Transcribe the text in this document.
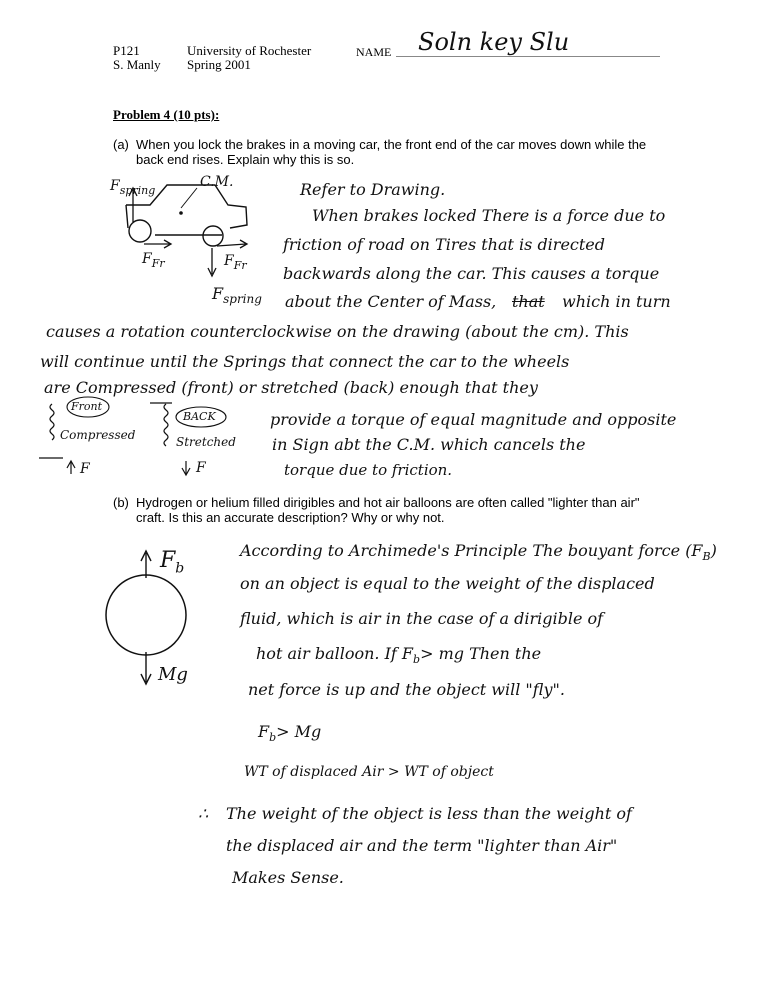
P121
S. Manly
University of Rochester
Spring 2001
NAME Soln key Slu
Problem 4 (10 pts):
(a) When you lock the brakes in a moving car, the front end of the car moves down while the
back end rises. Explain why this is so.
$F_{spring}$
C.M.
$F_{Fr}$	$F_{Fr}$
$F_{spring}$
Front
Compressed
BACK
Stretched
F	F
Refer to Drawing.
When brakes locked There is a force due to
friction of road on Tires that is directed
backwards along the car. This causes a torque
about the Center of Mass, that which in turn
causes a rotation counterclockwise on the drawing (about the cm). This
will continue until the Springs that connect the car to the wheels
are Compressed (front) or stretched (back) enough that they
provide a torque of equal magnitude and opposite
in Sign abt the C.M. which cancels the
torque due to friction.
(b) Hydrogen or helium filled dirigibles and hot air balloons are often called "lighter than air"
craft. Is this an accurate description? Why or why not.
$F_b$
Mg
According to Archimede's Principle The bouyant force $(F_B)$
on an object is equal to the weight of the displaced
fluid, which is air in the case of a dirigible of
hot air balloon. If $F_b>$ mg Then the
net force is up and the object will "fly".
$F_b> Mg$
WT of displaced Air > WT of object
∴ The weight of the object is less than the weight of
the displaced air and the term "lighter than Air"
Makes Sense.
